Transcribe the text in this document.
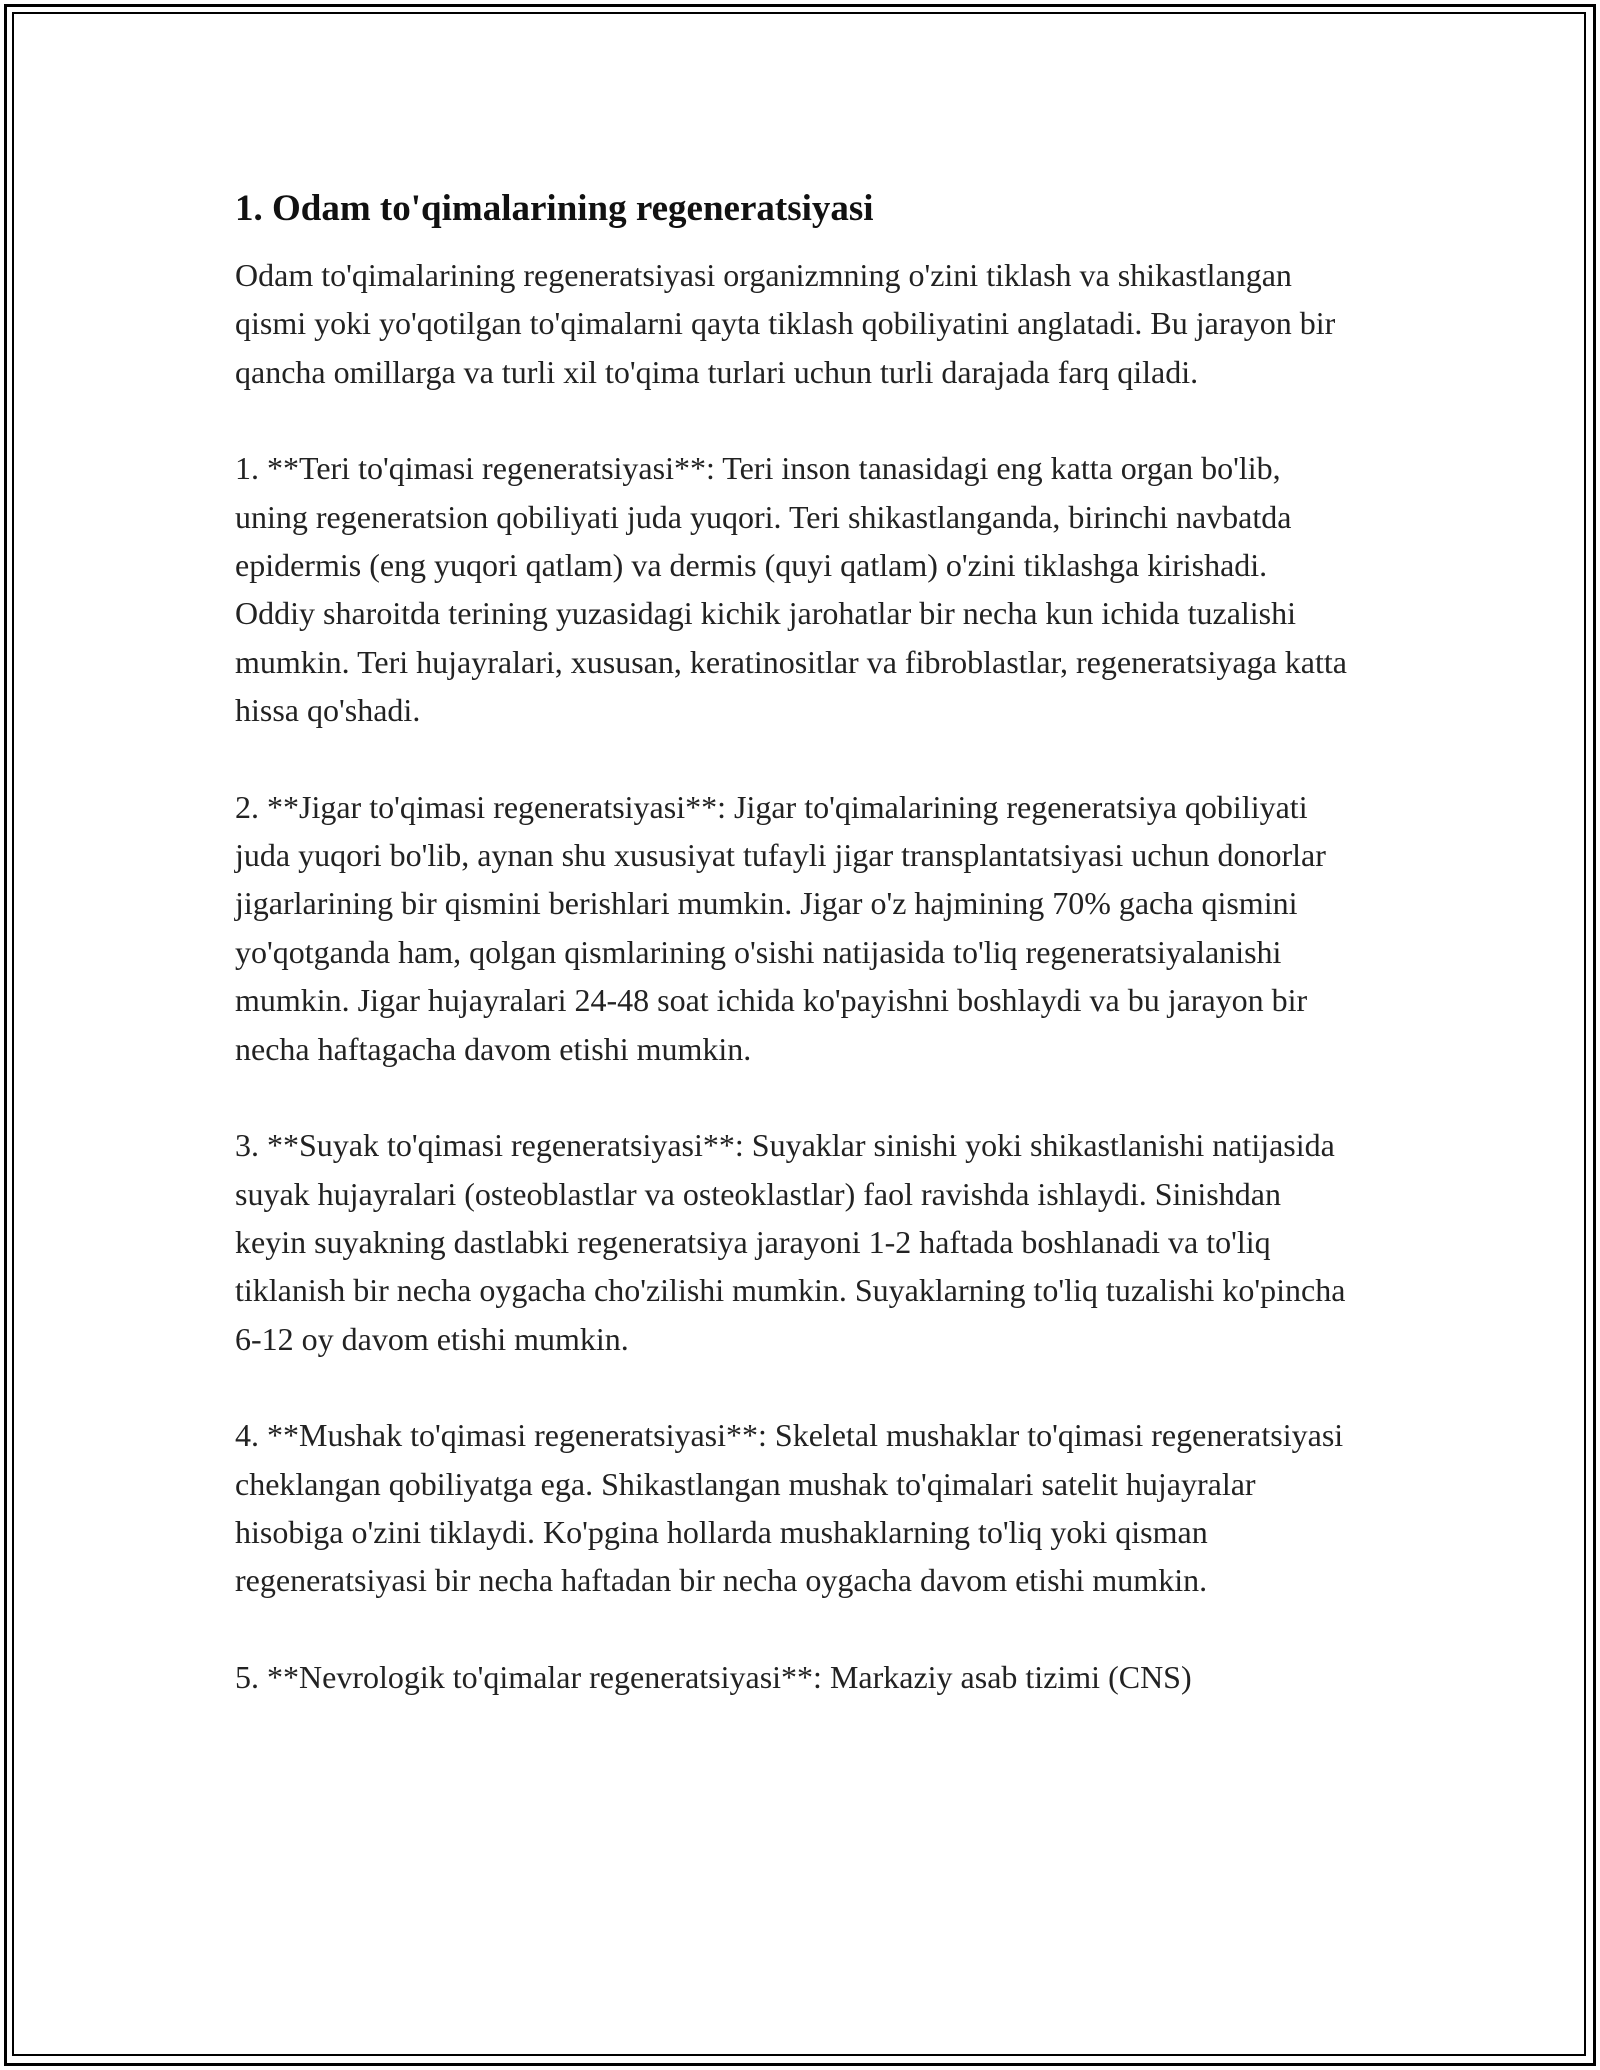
1. Odam to'qimalarining regeneratsiyasi

Odam to'qimalarining regeneratsiyasi organizmning o'zini tiklash va shikastlangan qismi yoki yo'qotilgan to'qimalarni qayta tiklash qobiliyatini anglatadi. Bu jarayon bir qancha omillarga va turli xil to'qima turlari uchun turli darajada farq qiladi.

1. **Teri to'qimasi regeneratsiyasi**: Teri inson tanasidagi eng katta organ bo'lib, uning regeneratsion qobiliyati juda yuqori. Teri shikastlanganda, birinchi navbatda epidermis (eng yuqori qatlam) va dermis (quyi qatlam) o'zini tiklashga kirishadi. Oddiy sharoitda terining yuzasidagi kichik jarohatlar bir necha kun ichida tuzalishi mumkin. Teri hujayralari, xususan, keratinositlar va fibroblastlar, regeneratsiyaga katta hissa qo'shadi.

2. **Jigar to'qimasi regeneratsiyasi**: Jigar to'qimalarining regeneratsiya qobiliyati juda yuqori bo'lib, aynan shu xususiyat tufayli jigar transplantatsiyasi uchun donorlar jigarlarining bir qismini berishlari mumkin. Jigar o'z hajmining 70% gacha qismini yo'qotganda ham, qolgan qismlarining o'sishi natijasida to'liq regeneratsiyalanishi mumkin. Jigar hujayralari 24-48 soat ichida ko'payishni boshlaydi va bu jarayon bir necha haftagacha davom etishi mumkin.

3. **Suyak to'qimasi regeneratsiyasi**: Suyaklar sinishi yoki shikastlanishi natijasida suyak hujayralari (osteoblastlar va osteoklastlar) faol ravishda ishlaydi. Sinishdan keyin suyakning dastlabki regeneratsiya jarayoni 1-2 haftada boshlanadi va to'liq tiklanish bir necha oygacha cho'zilishi mumkin. Suyaklarning to'liq tuzalishi ko'pincha 6-12 oy davom etishi mumkin.

4. **Mushak to'qimasi regeneratsiyasi**: Skeletal mushaklar to'qimasi regeneratsiyasi cheklangan qobiliyatga ega. Shikastlangan mushak to'qimalari satelit hujayralar hisobiga o'zini tiklaydi. Ko'pgina hollarda mushaklarning to'liq yoki qisman regeneratsiyasi bir necha haftadan bir necha oygacha davom etishi mumkin.

5. **Nevrologik to'qimalar regeneratsiyasi**: Markaziy asab tizimi (CNS)
